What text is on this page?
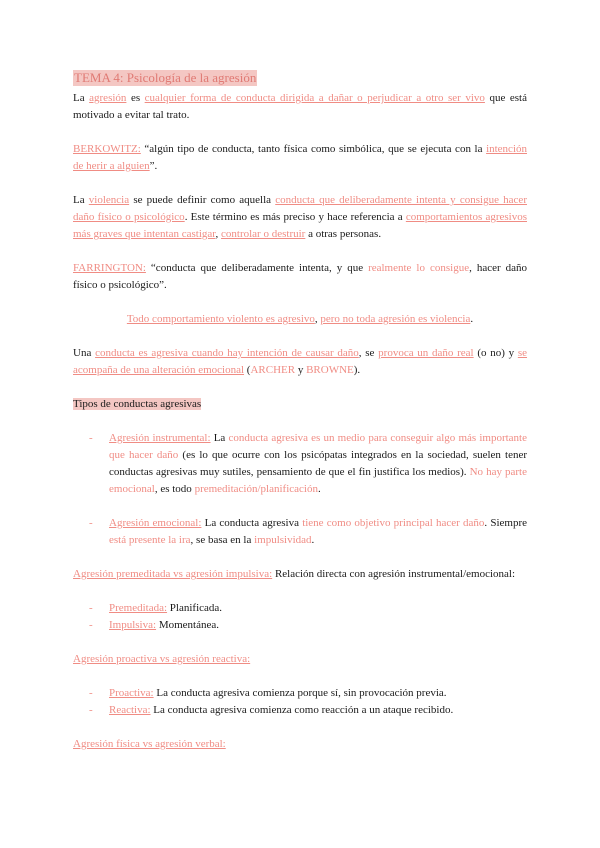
TEMA 4: Psicología de la agresión

La agresión es cualquier forma de conducta dirigida a dañar o perjudicar a otro ser vivo que está motivado a evitar tal trato.

BERKOWITZ: “algún tipo de conducta, tanto física como simbólica, que se ejecuta con la intención de herir a alguien”.

La violencia se puede definir como aquella conducta que deliberadamente intenta y consigue hacer daño físico o psicológico. Este término es más preciso y hace referencia a comportamientos agresivos más graves que intentan castigar, controlar o destruir a otras personas.

FARRINGTON: “conducta que deliberadamente intenta, y que realmente lo consigue, hacer daño físico o psicológico”.

Todo comportamiento violento es agresivo, pero no toda agresión es violencia.

Una conducta es agresiva cuando hay intención de causar daño, se provoca un daño real (o no) y se acompaña de una alteración emocional (ARCHER y BROWNE).

Tipos de conductas agresivas

- Agresión instrumental: La conducta agresiva es un medio para conseguir algo más importante que hacer daño (es lo que ocurre con los psicópatas integrados en la sociedad, suelen tener conductas agresivas muy sutiles, pensamiento de que el fin justifica los medios). No hay parte emocional, es todo premeditación/planificación.
- Agresión emocional: La conducta agresiva tiene como objetivo principal hacer daño. Siempre está presente la ira, se basa en la impulsividad.

Agresión premeditada vs agresión impulsiva: Relación directa con agresión instrumental/emocional:

- Premeditada: Planificada.
- Impulsiva: Momentánea.

Agresión proactiva vs agresión reactiva:

- Proactiva: La conducta agresiva comienza porque sí, sin provocación previa.
- Reactiva: La conducta agresiva comienza como reacción a un ataque recibido.

Agresión física vs agresión verbal:
